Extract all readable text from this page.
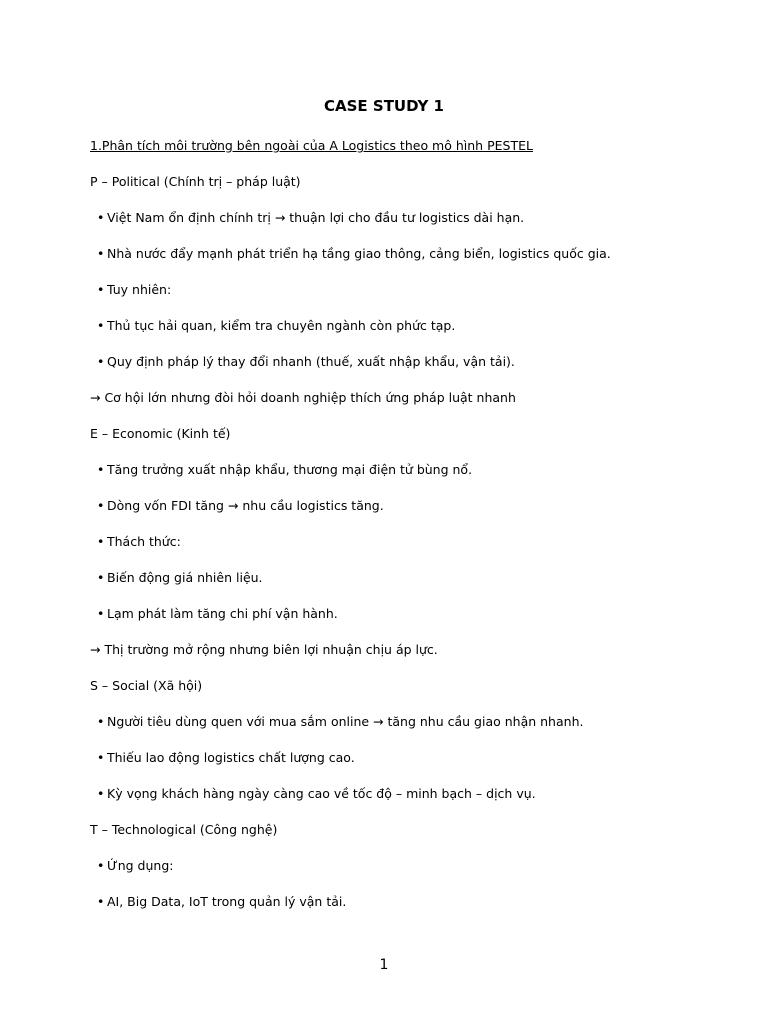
CASE STUDY 1
1.Phân tích môi trường bên ngoài của A Logistics theo mô hình PESTEL
P – Political (Chính trị – pháp luật)
• Việt Nam ổn định chính trị → thuận lợi cho đầu tư logistics dài hạn.
• Nhà nước đẩy mạnh phát triển hạ tầng giao thông, cảng biển, logistics quốc gia.
• Tuy nhiên:
• Thủ tục hải quan, kiểm tra chuyên ngành còn phức tạp.
• Quy định pháp lý thay đổi nhanh (thuế, xuất nhập khẩu, vận tải).
→ Cơ hội lớn nhưng đòi hỏi doanh nghiệp thích ứng pháp luật nhanh
E – Economic (Kinh tế)
• Tăng trưởng xuất nhập khẩu, thương mại điện tử bùng nổ.
• Dòng vốn FDI tăng → nhu cầu logistics tăng.
• Thách thức:
• Biến động giá nhiên liệu.
• Lạm phát làm tăng chi phí vận hành.
→ Thị trường mở rộng nhưng biên lợi nhuận chịu áp lực.
S – Social (Xã hội)
• Người tiêu dùng quen với mua sắm online → tăng nhu cầu giao nhận nhanh.
• Thiếu lao động logistics chất lượng cao.
• Kỳ vọng khách hàng ngày càng cao về tốc độ – minh bạch – dịch vụ.
T – Technological (Công nghệ)
• Ứng dụng:
• AI, Big Data, IoT trong quản lý vận tải.
1
